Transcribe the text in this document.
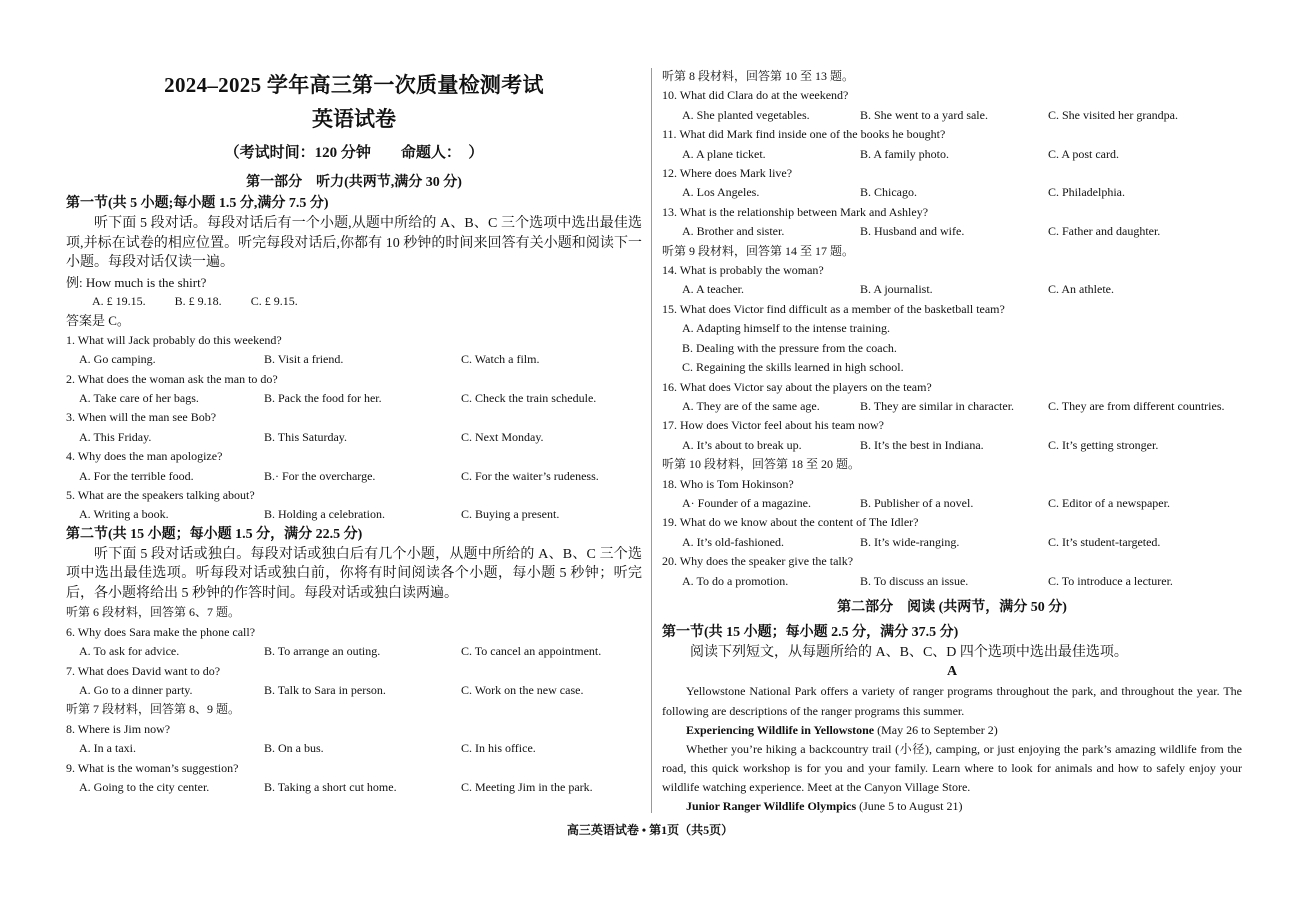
2024–2025 学年高三第一次质量检测考试
英语试卷
（考试时间：120 分钟　　命题人：　）
第一部分　听力(共两节,满分 30 分)
第一节(共 5 小题;每小题 1.5 分,满分 7.5 分)
听下面 5 段对话。每段对话后有一个小题,从题中所给的 A、B、C 三个选项中选出最佳选项,并标在试卷的相应位置。听完每段对话后,你都有 10 秒钟的时间来回答有关小题和阅读下一小题。每段对话仅读一遍。
例: How much is the shirt?
A. £ 19.15. B. £ 9.18. C. £ 9.15.
答案是 C。
1. What will Jack probably do this weekend?
A. Go camping.	B. Visit a friend.	C. Watch a film.
2. What does the woman ask the man to do?
A. Take care of her bags.	B. Pack the food for her.	C. Check the train schedule.
3. When will the man see Bob?
A. This Friday.	B. This Saturday.	C. Next Monday.
4. Why does the man apologize?
A. For the terrible food.	B.· For the overcharge.	C. For the waiter’s rudeness.
5. What are the speakers talking about?
A. Writing a book.	B. Holding a celebration.	C. Buying a present.
第二节(共 15 小题；每小题 1.5 分，满分 22.5 分)
听下面 5 段对话或独白。每段对话或独白后有几个小题，从题中所给的 A、B、C 三个选项中选出最佳选项。听每段对话或独白前，你将有时间阅读各个小题，每小题 5 秒钟；听完后，各小题将给出 5 秒钟的作答时间。每段对话或独白读两遍。
听第 6 段材料，回答第 6、7 题。
6. Why does Sara make the phone call?
A. To ask for advice.	B. To arrange an outing.	C. To cancel an appointment.
7. What does David want to do?
A. Go to a dinner party.	B. Talk to Sara in person.	C. Work on the new case.
听第 7 段材料，回答第 8、9 题。
8. Where is Jim now?
A. In a taxi.	B. On a bus.	C. In his office.
9. What is the woman’s suggestion?
A. Going to the city center.	B. Taking a short cut home.	C. Meeting Jim in the park.
听第 8 段材料，回答第 10 至 13 题。
10. What did Clara do at the weekend?
A. She planted vegetables.	B. She went to a yard sale.	C. She visited her grandpa.
11. What did Mark find inside one of the books he bought?
A. A plane ticket.	B. A family photo.	C. A post card.
12. Where does Mark live?
A. Los Angeles.	B. Chicago.	C. Philadelphia.
13. What is the relationship between Mark and Ashley?
A. Brother and sister.	B. Husband and wife.	C. Father and daughter.
听第 9 段材料，回答第 14 至 17 题。
14. What is probably the woman?
A. A teacher.	B. A journalist.	C. An athlete.
15. What does Victor find difficult as a member of the basketball team?
A. Adapting himself to the intense training.
B. Dealing with the pressure from the coach.
C. Regaining the skills learned in high school.
16. What does Victor say about the players on the team?
A. They are of the same age.	B. They are similar in character.	C. They are from different countries.
17. How does Victor feel about his team now?
A. It’s about to break up.	B. It’s the best in Indiana.	C. It’s getting stronger.
听第 10 段材料，回答第 18 至 20 题。
18. Who is Tom Hokinson?
A· Founder of a magazine.	B. Publisher of a novel.	C. Editor of a newspaper.
19. What do we know about the content of The Idler?
A. It’s old-fashioned.	B. It’s wide-ranging.	C. It’s student-targeted.
20. Why does the speaker give the talk?
A. To do a promotion.	B. To discuss an issue.	C. To introduce a lecturer.
第二部分　阅读 (共两节，满分 50 分)
第一节(共 15 小题；每小题 2.5 分，满分 37.5 分)
阅读下列短文，从每题所给的 A、B、C、D 四个选项中选出最佳选项。
A
Yellowstone National Park offers a variety of ranger programs throughout the park, and throughout the year. The following are descriptions of the ranger programs this summer.
Experiencing Wildlife in Yellowstone (May 26 to September 2)
Whether you’re hiking a backcountry trail (小径), camping, or just enjoying the park’s amazing wildlife from the road, this quick workshop is for you and your family. Learn where to look for animals and how to safely enjoy your wildlife watching experience. Meet at the Canyon Village Store.
Junior Ranger Wildlife Olympics (June 5 to August 21)
高三英语试卷 • 第1页（共5页）
